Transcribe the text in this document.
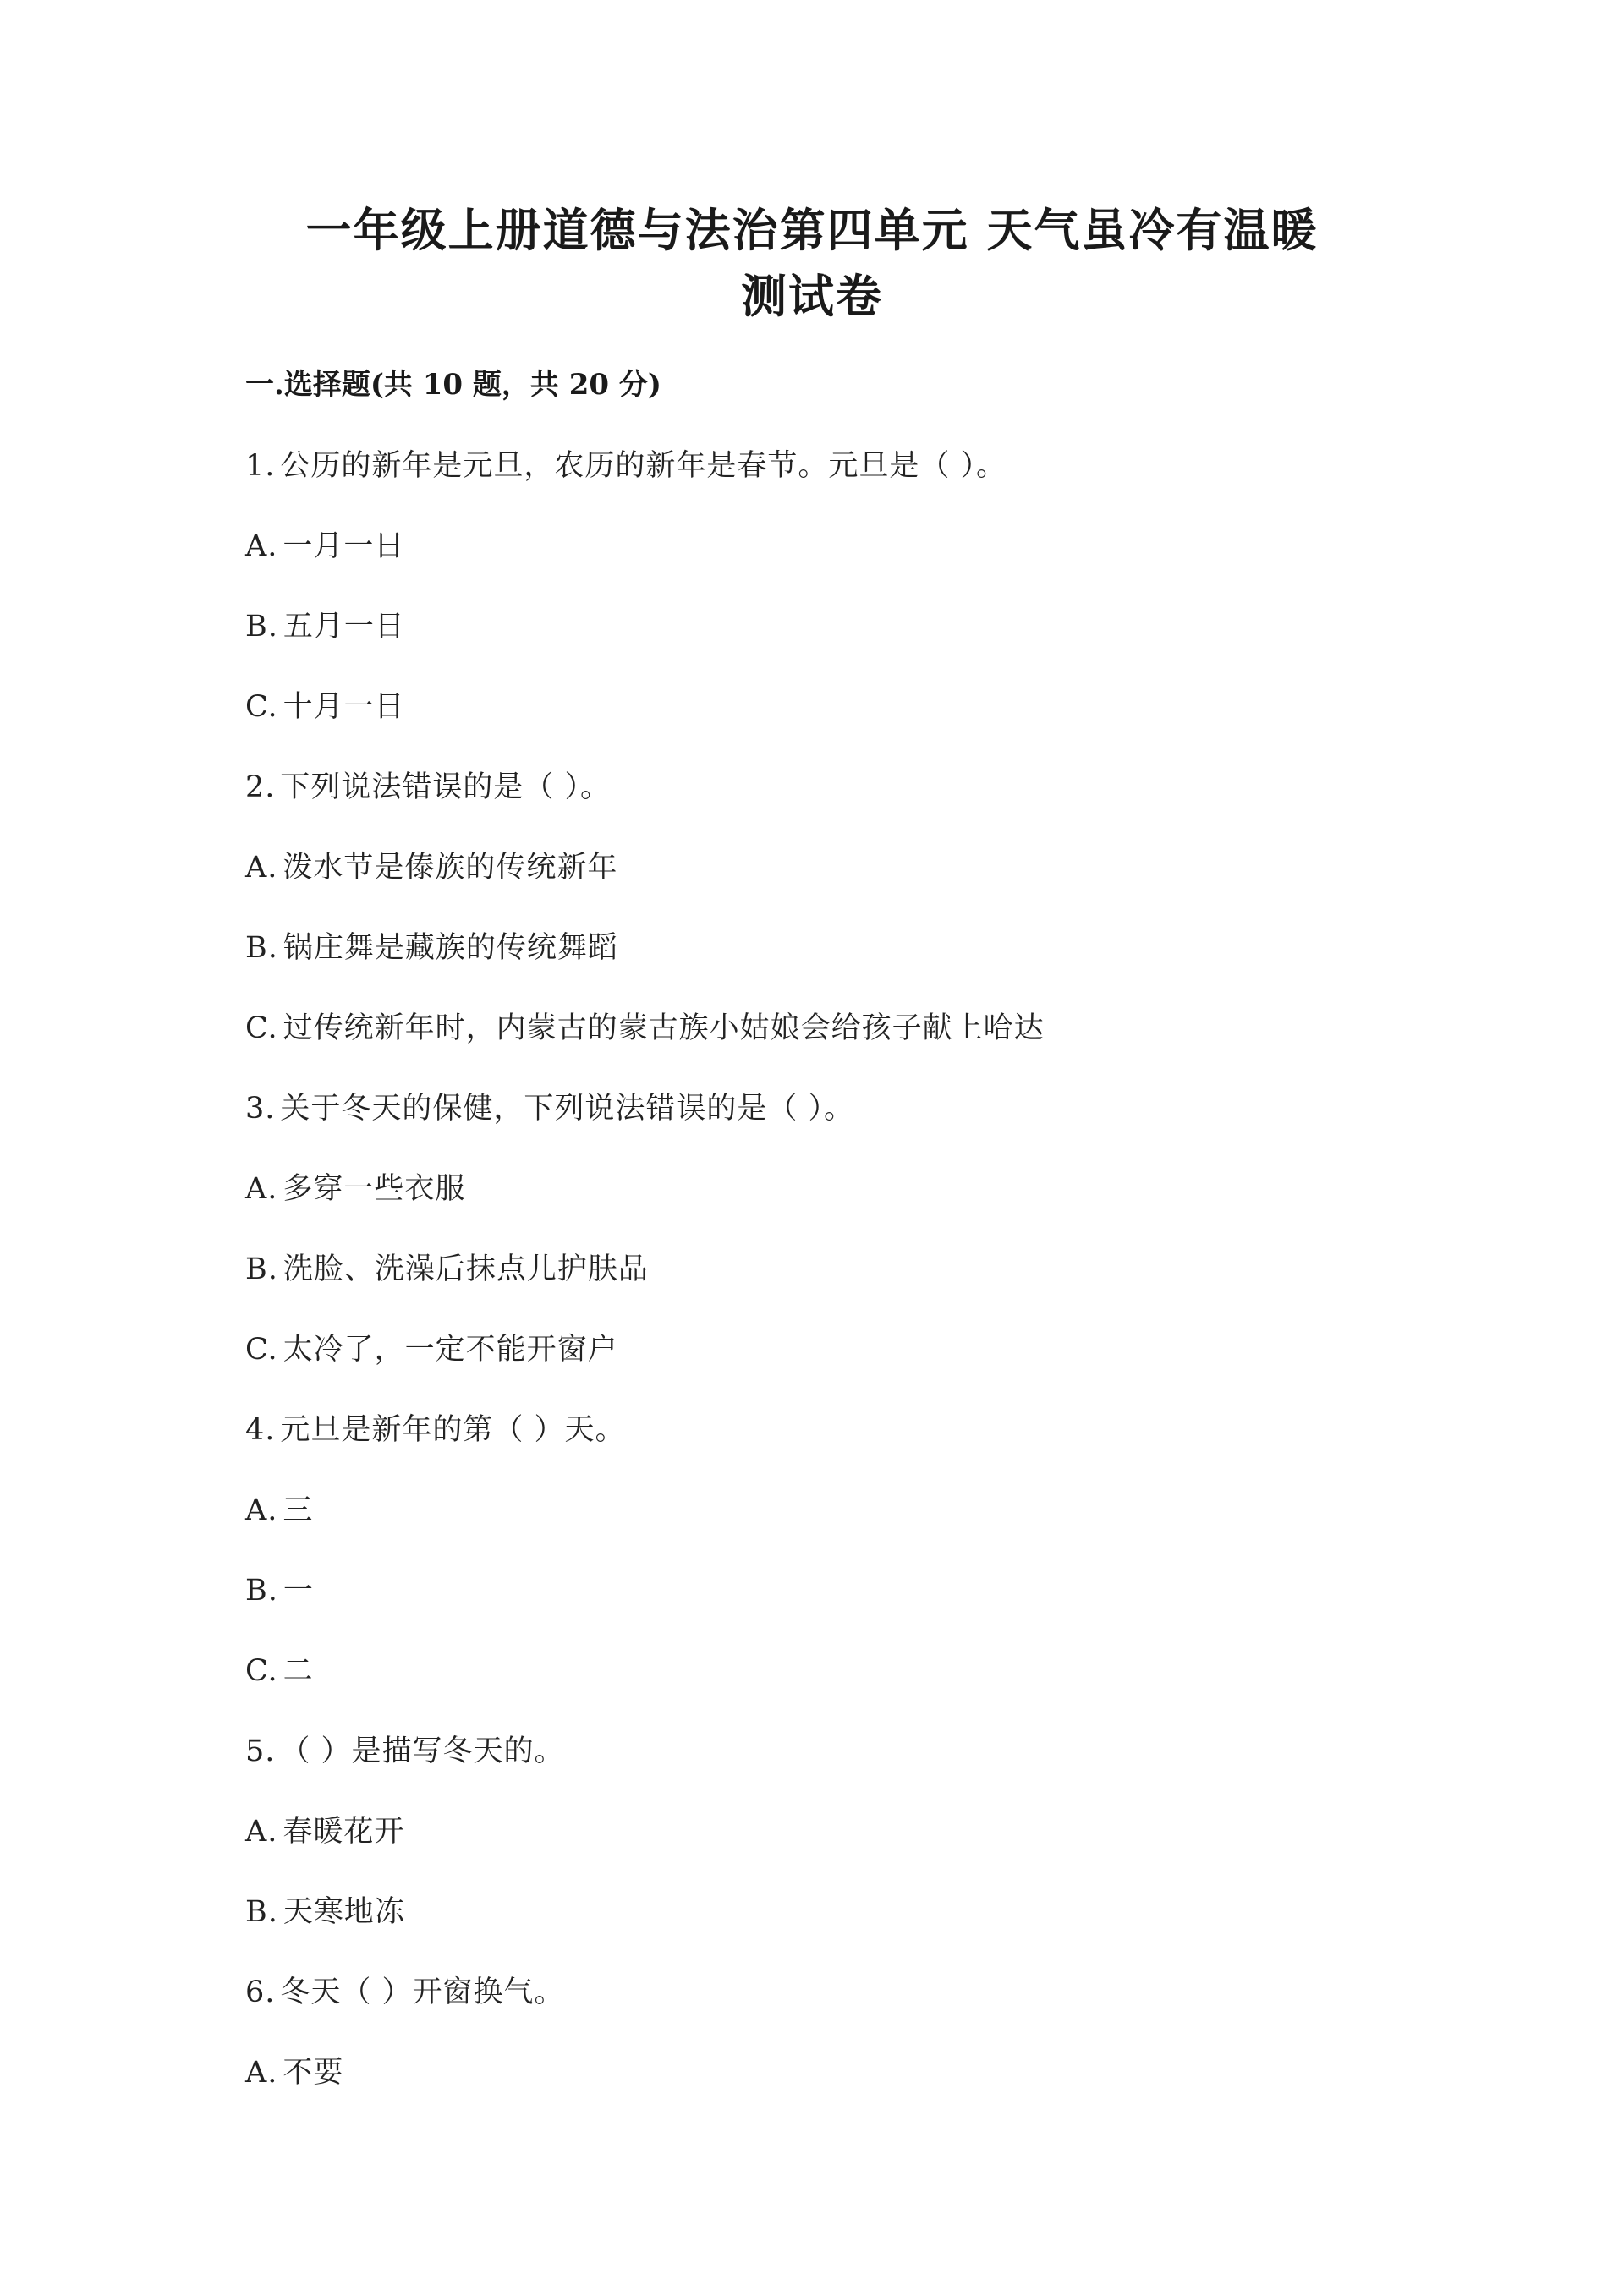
一年级上册道德与法治第四单元 天气虽冷有温暖
测试卷
一.选择题(共 10 题，共 20 分)
1. 公历的新年是元旦，农历的新年是春节。元旦是（ ）。
A. 一月一日
B. 五月一日
C. 十月一日
2. 下列说法错误的是（ ）。
A. 泼水节是傣族的传统新年
B. 锅庄舞是藏族的传统舞蹈
C. 过传统新年时，内蒙古的蒙古族小姑娘会给孩子献上哈达
3. 关于冬天的保健，下列说法错误的是（ ）。
A. 多穿一些衣服
B. 洗脸、洗澡后抹点儿护肤品
C. 太冷了，一定不能开窗户
4. 元旦是新年的第（ ）天。
A. 三
B. 一
C. 二
5. （ ）是描写冬天的。
A. 春暖花开
B. 天寒地冻
6. 冬天（ ）开窗换气。
A. 不要
